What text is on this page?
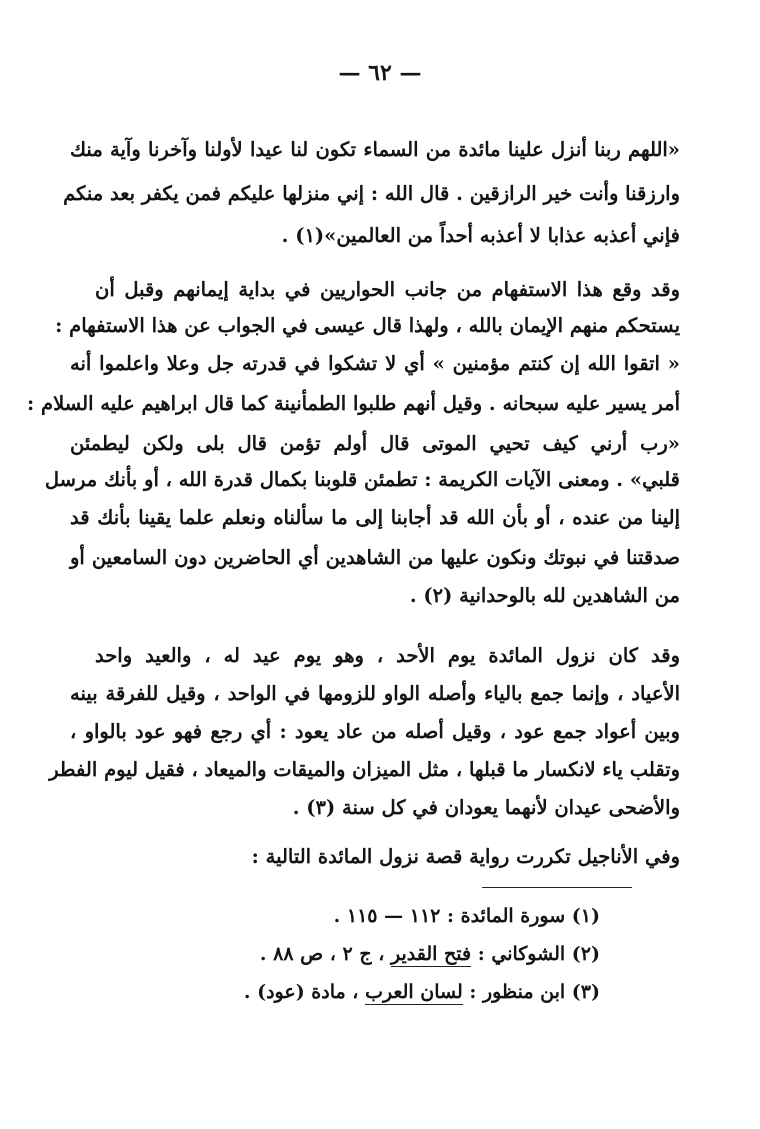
— ٦٢ —
«اللهم ربنا أنزل علينا مائدة من السماء تكون لنا عيدا لأولنا وآخرنا وآية منك
وارزقنا وأنت خير الرازقين . قال الله : إني منزلها عليكم فمن يكفر بعد منكم
فإني أعذبه عذابا لا أعذبه أحداً من العالمين»(١) .
وقد وقع هذا الاستفهام من جانب الحواريين في بداية إيمانهم وقبل أن
يستحكم منهم الإيمان بالله ، ولهذا قال عيسى في الجواب عن هذا الاستفهام :
« اتقوا الله إن كنتم مؤمنين » أي لا تشكوا في قدرته جل وعلا واعلموا أنه
أمر يسير عليه سبحانه . وقيل أنهم طلبوا الطمأنينة كما قال ابراهيم عليه السلام :
«رب أرني كيف تحيي الموتى قال أولم تؤمن قال بلى ولكن ليطمئن
قلبي» . ومعنى الآيات الكريمة : تطمئن قلوبنا بكمال قدرة الله ، أو بأنك مرسل
إلينا من عنده ، أو بأن الله قد أجابنا إلى ما سألناه ونعلم علما يقينا بأنك قد
صدقتنا في نبوتك ونكون عليها من الشاهدين أي الحاضرين دون السامعين أو
من الشاهدين لله بالوحدانية (٢) .
وقد كان نزول المائدة يوم الأحد ، وهو يوم عيد له ، والعيد واحد
الأعياد ، وإنما جمع بالياء وأصله الواو للزومها في الواحد ، وقيل للفرقة بينه
وبين أعواد جمع عود ، وقيل أصله من عاد يعود : أي رجع فهو عود بالواو ،
وتقلب ياء لانكسار ما قبلها ، مثل الميزان والميقات والميعاد ، فقيل ليوم الفطر
والأضحى عيدان لأنهما يعودان في كل سنة (٣) .
وفي الأناجيل تكررت رواية قصة نزول المائدة التالية :
(١) سورة المائدة : ١١٢ — ١١٥ .
(٢) الشوكاني : فتح القدير ، ج ٢ ، ص ٨٨ .
(٣) ابن منظور : لسان العرب ، مادة (عود) .
